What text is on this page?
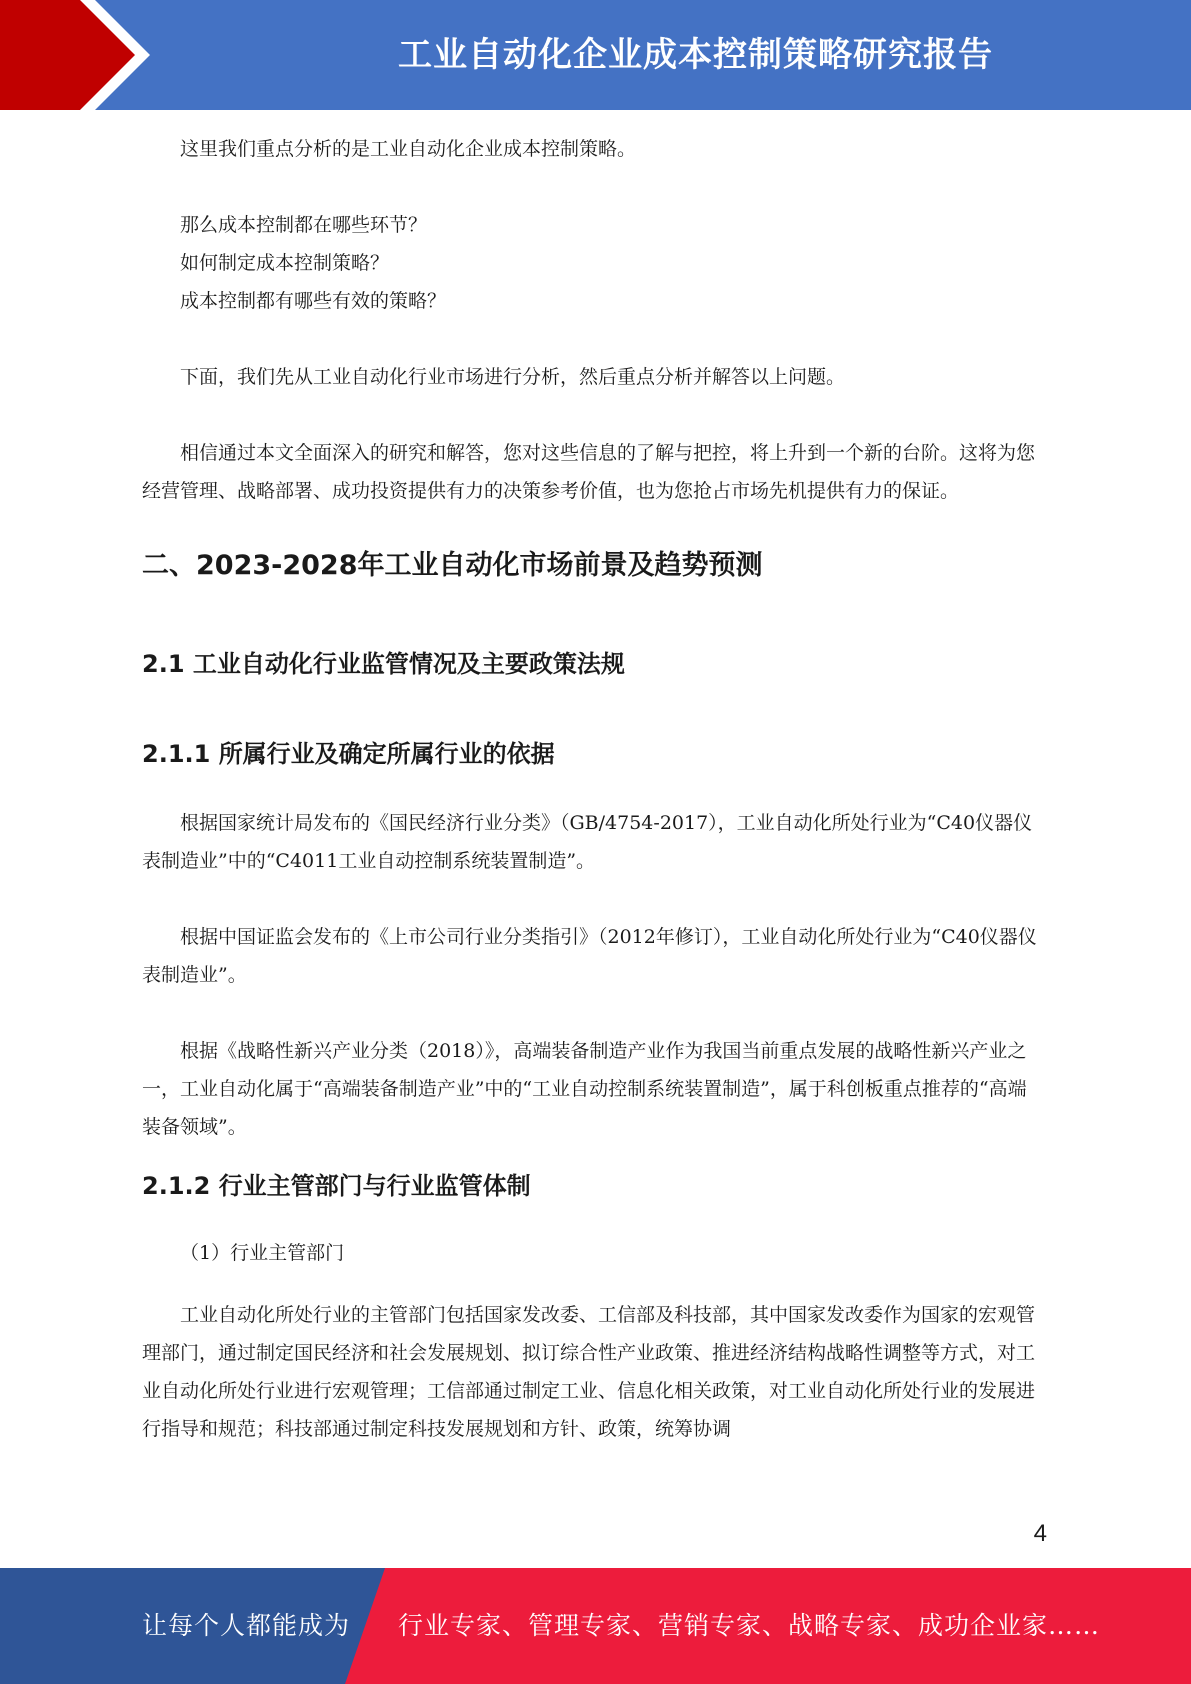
工业自动化企业成本控制策略研究报告

这里我们重点分析的是工业自动化企业成本控制策略。

那么成本控制都在哪些环节？

如何制定成本控制策略？

成本控制都有哪些有效的策略？

下面，我们先从工业自动化行业市场进行分析，然后重点分析并解答以上问题。

相信通过本文全面深入的研究和解答，您对这些信息的了解与把控，将上升到一个新的台阶。这将为您经营管理、战略部署、成功投资提供有力的决策参考价值，也为您抢占市场先机提供有力的保证。

二、2023-2028年工业自动化市场前景及趋势预测
2.1 工业自动化行业监管情况及主要政策法规
2.1.1 所属行业及确定所属行业的依据

根据国家统计局发布的《国民经济行业分类》（GB/4754-2017），工业自动化所处行业为“C40仪器仪表制造业”中的“C4011工业自动控制系统装置制造”。

根据中国证监会发布的《上市公司行业分类指引》（2012年修订），工业自动化所处行业为“C40仪器仪表制造业”。

根据《战略性新兴产业分类（2018）》，高端装备制造产业作为我国当前重点发展的战略性新兴产业之一，工业自动化属于“高端装备制造产业”中的“工业自动控制系统装置制造”，属于科创板重点推荐的“高端装备领域”。

2.1.2 行业主管部门与行业监管体制

（1）行业主管部门

工业自动化所处行业的主管部门包括国家发改委、工信部及科技部，其中国家发改委作为国家的宏观管理部门，通过制定国民经济和社会发展规划、拟订综合性产业政策、推进经济结构战略性调整等方式，对工业自动化所处行业进行宏观管理；工信部通过制定工业、信息化相关政策，对工业自动化所处行业的发展进行指导和规范；科技部通过制定科技发展规划和方针、政策，统筹协调

4
让每个人都能成为 行业专家、管理专家、营销专家、战略专家、成功企业家……
